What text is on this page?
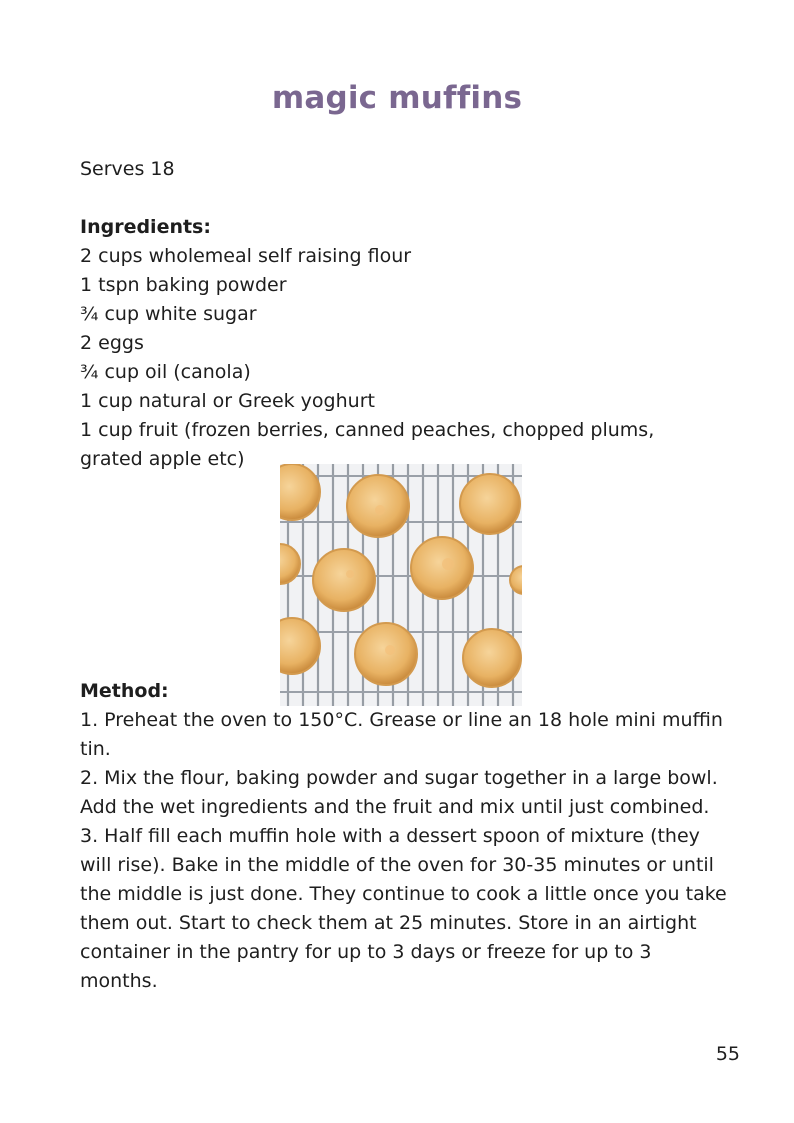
magic muffins
Serves 18
Ingredients:
2 cups wholemeal self raising flour
1 tspn baking powder
¾ cup white sugar
2 eggs
¾ cup oil (canola)
1 cup natural or Greek yoghurt
1 cup fruit (frozen berries, canned peaches, chopped plums,
grated apple etc)
Method:

1. Preheat the oven to 150°C. Grease or line an 18 hole mini muffin tin.

2. Mix the flour, baking powder and sugar together in a large bowl. Add the wet ingredients and the fruit and mix until just combined.

3. Half fill each muffin hole with a dessert spoon of mixture (they will rise). Bake in the middle of the oven for 30-35 minutes or until the middle is just done. They continue to cook a little once you take them out. Start to check them at 25 minutes. Store in an airtight container in the pantry for up to 3 days or freeze for up to 3 months.

55
